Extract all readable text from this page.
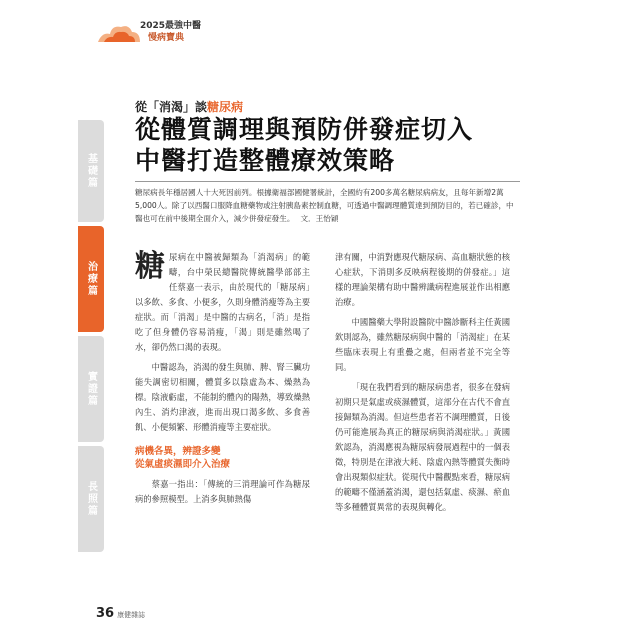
2025最強中醫
慢病寶典
基礎篇
治療篇
實證篇
長照篇
從「消渴」談糖尿病
從體質調理與預防併發症切入
中醫打造整體療效策略
糖尿病長年穩居國人十大死因前列。根據衛福部國健署統計，全國約有200多萬名糖尿病病友，且每年新增2萬5,000人。除了以西醫口服降血糖藥物或注射胰島素控制血糖，可透過中醫調理體質達到預防目的，若已確診，中醫也可在前中後期全面介入，減少併發症發生。 文．王怡穎

糖尿病在中醫被歸類為「消渴病」的範疇，台中榮民總醫院傳統醫學部部主任蔡嘉一表示，由於現代的「糖尿病」以多飲、多食、小便多，久則身體消瘦等為主要症狀。而「消渴」是中醫的古病名，「消」是指吃了但身體仍容易消瘦，「渴」則是雖然喝了水，卻仍然口渴的表現。

中醫認為，消渴的發生與肺、脾、腎三臟功能失調密切相關，體質多以陰虛為本、燥熱為標。陰液虧虛，不能制約體內的陽熱，導致燥熱內生、消灼津液，進而出現口渴多飲、多食善飢、小便頻繁、形體消瘦等主要症狀。

病機各異，辨證多變
從氣虛痰濕即介入治療

蔡嘉一指出：「傳統的三消理論可作為糖尿病的參照模型。上消多與肺熱傷

津有關，中消對應現代糖尿病、高血糖狀態的核心症狀，下消則多反映病程後期的併發症。」這樣的理論架構有助中醫辨識病程進展並作出相應治療。

中國醫藥大學附設醫院中醫診斷科主任黃國欽則認為，雖然糖尿病與中醫的「消渴症」在某些臨床表現上有重疊之處，但兩者並不完全等同。

「現在我們看到的糖尿病患者，很多在發病初期只是氣虛或痰濕體質，這部分在古代不會直接歸類為消渴。但這些患者若不調理體質，日後仍可能進展為真正的糖尿病與消渴症狀。」黃國欽認為，消渴應視為糖尿病發展過程中的一個表徵，特別是在津液大耗、陰虛內熱等體質失衡時會出現類似症狀。從現代中醫觀點來看，糖尿病的範疇不僅涵蓋消渴，還包括氣虛、痰濕、瘀血等多種體質異常的表現與轉化。

36 康健雜誌
